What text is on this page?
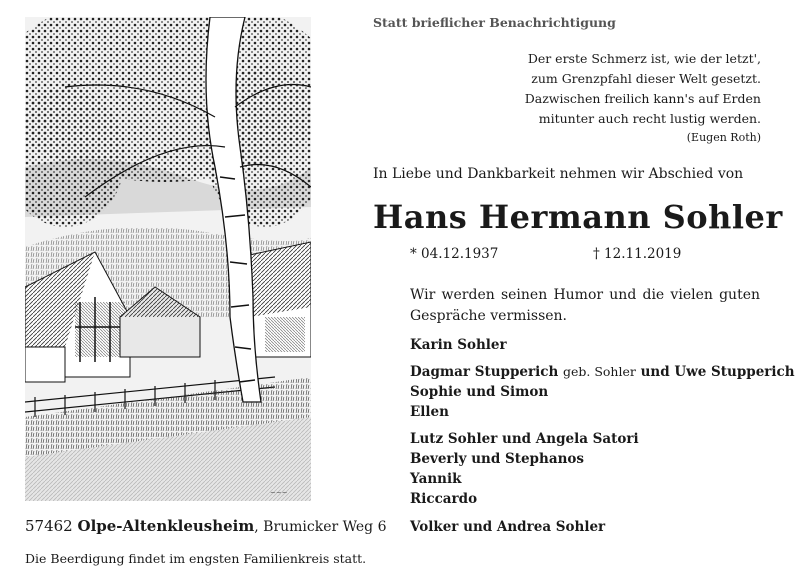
~~~
Statt brieflicher Benachrichtigung
Der erste Schmerz ist, wie der letzt',
zum Grenzpfahl dieser Welt gesetzt.
Dazwischen freilich kann's auf Erden
mitunter auch recht lustig werden.
(Eugen Roth)
In Liebe und Dankbarkeit nehmen wir Abschied von
Hans Hermann Sohler
* 04.12.1937	† 12.11.2019
Wir werden seinen Humor und die vielen guten Gespräche vermissen.
Karin Sohler
Dagmar Stupperich geb. Sohler und Uwe Stupperich
Sophie und Simon
Ellen
Lutz Sohler und Angela Satori
Beverly und Stephanos
Yannik
Riccardo
Volker und Andrea Sohler
57462 Olpe-Altenkleusheim, Brumicker Weg 6
Die Beerdigung findet im engsten Familienkreis statt.
